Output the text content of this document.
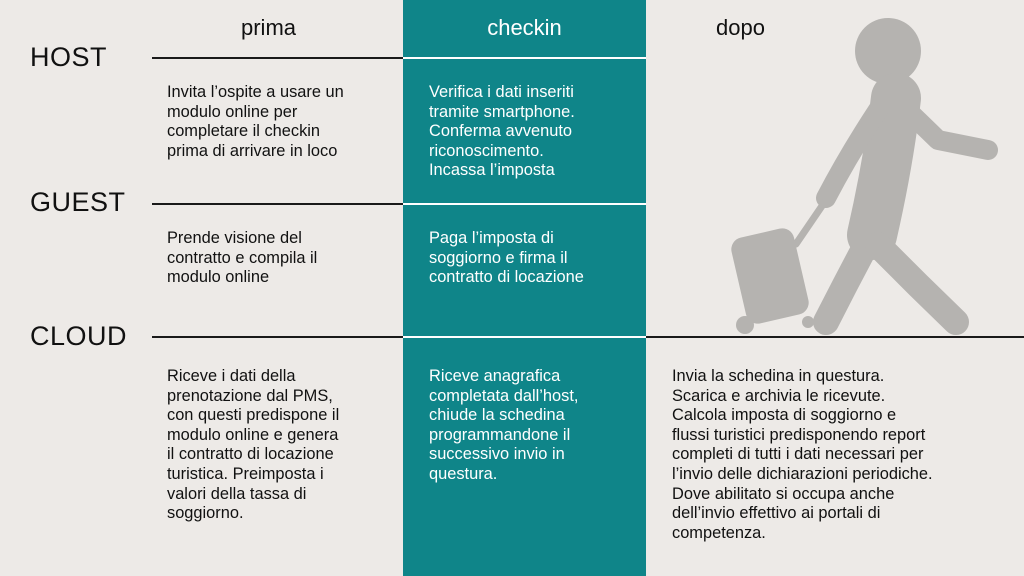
prima	checkin	dopo
HOST
GUEST
CLOUD

Invita l’ospite a usare un
modulo online per
completare il checkin
prima di arrivare in loco

Verifica i dati inseriti
tramite smartphone.
Conferma avvenuto
riconoscimento.
Incassa l’imposta

Prende visione del
contratto e compila il
modulo online

Paga l’imposta di
soggiorno e firma il
contratto di locazione

Riceve i dati della
prenotazione dal PMS,
con questi predispone il
modulo online e genera
il contratto di locazione
turistica. Preimposta i
valori della tassa di
soggiorno.

Riceve anagrafica
completata dall’host,
chiude la schedina
programmandone il
successivo invio in
questura.

Invia la schedina in questura.
Scarica e archivia le ricevute.
Calcola imposta di soggiorno e
flussi turistici predisponendo report
completi di tutti i dati necessari per
l’invio delle dichiarazioni periodiche.
Dove abilitato si occupa anche
dell’invio effettivo ai portali di
competenza.
